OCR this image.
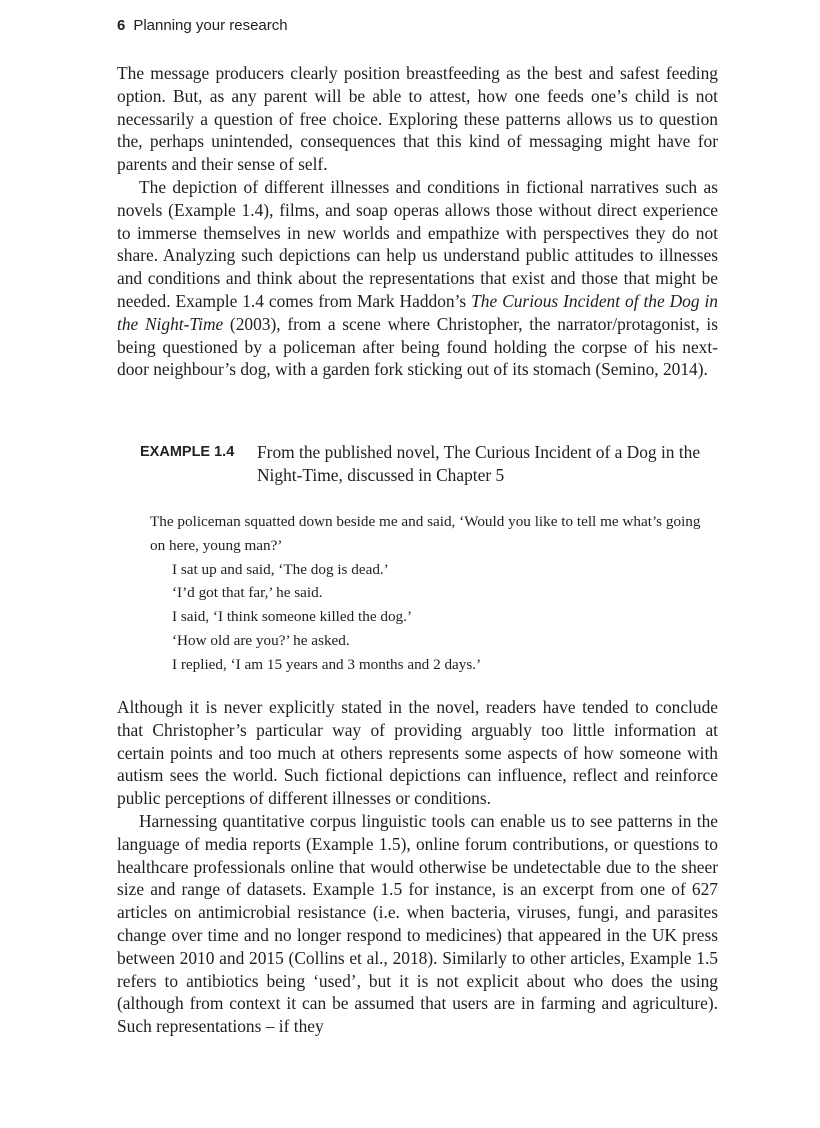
6 Planning your research

The message producers clearly position breastfeeding as the best and safest feeding option. But, as any parent will be able to attest, how one feeds one’s child is not necessarily a question of free choice. Exploring these patterns allows us to question the, perhaps unintended, consequences that this kind of messaging might have for parents and their sense of self.

The depiction of different illnesses and conditions in fictional narratives such as novels (Example 1.4), films, and soap operas allows those without direct experience to immerse themselves in new worlds and empathize with perspectives they do not share. Analyzing such depictions can help us understand public attitudes to illnesses and conditions and think about the representations that exist and those that might be needed. Example 1.4 comes from Mark Haddon’s The Curious Incident of the Dog in the Night-Time (2003), from a scene where Christopher, the narrator/protagonist, is being questioned by a policeman after being found holding the corpse of his next-door neighbour’s dog, with a garden fork sticking out of its stomach (Semino, 2014).

EXAMPLE 1.4 From the published novel, The Curious Incident of a Dog in the Night-Time, discussed in Chapter 5

The policeman squatted down beside me and said, ‘Would you like to tell me what’s going on here, young man?’

I sat up and said, ‘The dog is dead.’

‘I’d got that far,’ he said.

I said, ‘I think someone killed the dog.’

‘How old are you?’ he asked.

I replied, ‘I am 15 years and 3 months and 2 days.’

Although it is never explicitly stated in the novel, readers have tended to conclude that Christopher’s particular way of providing arguably too little information at certain points and too much at others represents some aspects of how someone with autism sees the world. Such fictional depictions can influence, reflect and reinforce public perceptions of different illnesses or conditions.

Harnessing quantitative corpus linguistic tools can enable us to see patterns in the language of media reports (Example 1.5), online forum contributions, or questions to healthcare professionals online that would otherwise be undetectable due to the sheer size and range of datasets. Example 1.5 for instance, is an excerpt from one of 627 articles on antimicrobial resistance (i.e. when bacteria, viruses, fungi, and parasites change over time and no longer respond to medicines) that appeared in the UK press between 2010 and 2015 (Collins et al., 2018). Similarly to other articles, Example 1.5 refers to antibiotics being ‘used’, but it is not explicit about who does the using (although from context it can be assumed that users are in farming and agriculture). Such representations – if they
